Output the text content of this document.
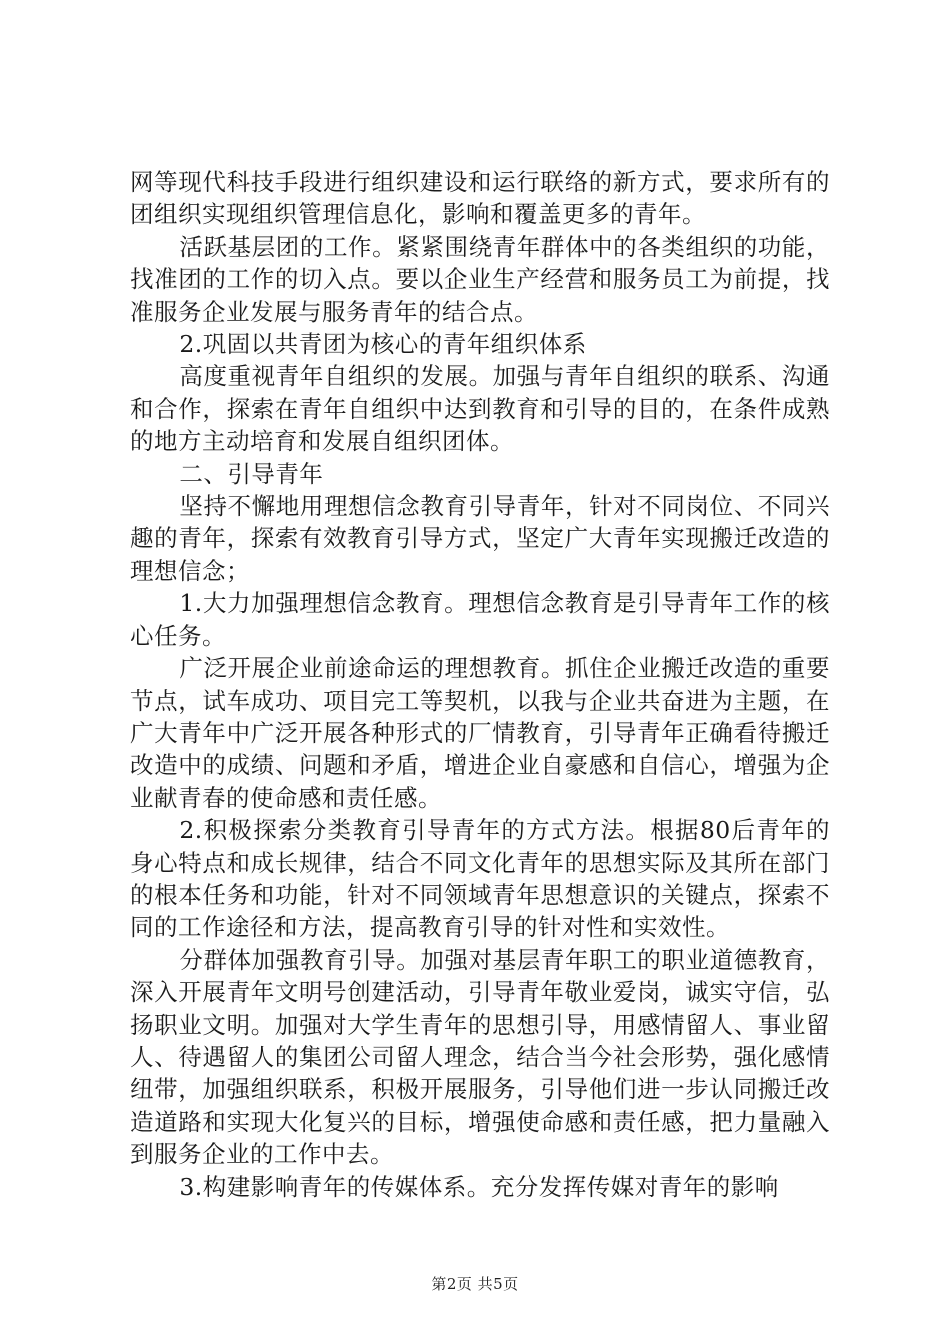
网等现代科技手段进行组织建设和运行联络的新方式，要求所有的团组织实现组织管理信息化，影响和覆盖更多的青年。

活跃基层团的工作。紧紧围绕青年群体中的各类组织的功能，找准团的工作的切入点。要以企业生产经营和服务员工为前提，找准服务企业发展与服务青年的结合点。

2.巩固以共青团为核心的青年组织体系

高度重视青年自组织的发展。加强与青年自组织的联系、沟通和合作，探索在青年自组织中达到教育和引导的目的，在条件成熟的地方主动培育和发展自组织团体。

二、引导青年

坚持不懈地用理想信念教育引导青年，针对不同岗位、不同兴趣的青年，探索有效教育引导方式，坚定广大青年实现搬迁改造的理想信念；

1.大力加强理想信念教育。理想信念教育是引导青年工作的核心任务。

广泛开展企业前途命运的理想教育。抓住企业搬迁改造的重要节点，试车成功、项目完工等契机，以我与企业共奋进为主题，在广大青年中广泛开展各种形式的厂情教育，引导青年正确看待搬迁改造中的成绩、问题和矛盾，增进企业自豪感和自信心，增强为企业献青春的使命感和责任感。

2.积极探索分类教育引导青年的方式方法。根据80后青年的身心特点和成长规律，结合不同文化青年的思想实际及其所在部门的根本任务和功能，针对不同领域青年思想意识的关键点，探索不同的工作途径和方法，提高教育引导的针对性和实效性。

分群体加强教育引导。加强对基层青年职工的职业道德教育，深入开展青年文明号创建活动，引导青年敬业爱岗，诚实守信，弘扬职业文明。加强对大学生青年的思想引导，用感情留人、事业留人、待遇留人的集团公司留人理念，结合当今社会形势，强化感情纽带，加强组织联系，积极开展服务，引导他们进一步认同搬迁改造道路和实现大化复兴的目标，增强使命感和责任感，把力量融入到服务企业的工作中去。

3.构建影响青年的传媒体系。充分发挥传媒对青年的影响

第2页 共5页
